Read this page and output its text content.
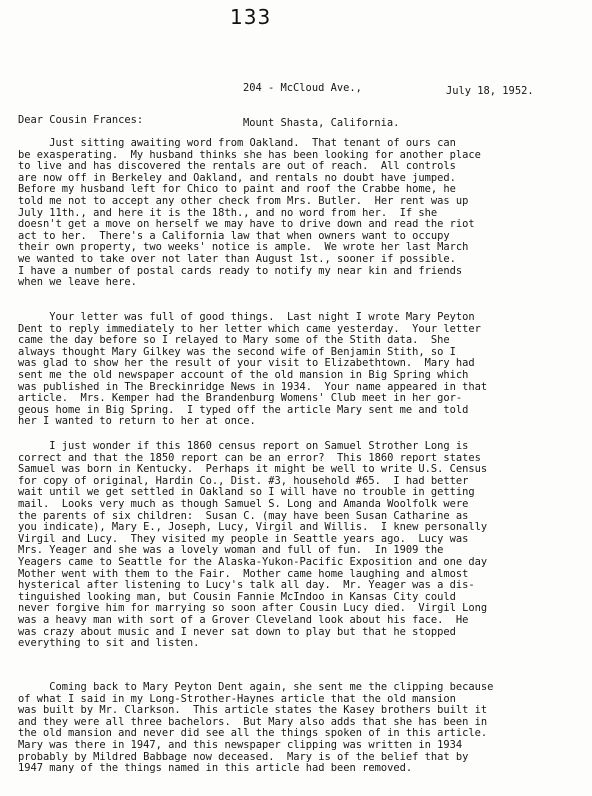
133

204 - McCloud Ave.,

Mount Shasta, California.

July 18, 1952.
Dear Cousin Frances:
Just sitting awaiting word from Oakland.  That tenant of ours can
be exasperating.  My husband thinks she has been looking for another place
to live and has discovered the rentals are out of reach.  All controls
are now off in Berkeley and Oakland, and rentals no doubt have jumped.
Before my husband left for Chico to paint and roof the Crabbe home, he
told me not to accept any other check from Mrs. Butler.  Her rent was up
July 11th., and here it is the 18th., and no word from her.  If she
doesn't get a move on herself we may have to drive down and read the riot
act to her.  There's a California law that when owners want to occupy
their own property, two weeks' notice is ample.  We wrote her last March
we wanted to take over not later than August 1st., sooner if possible.
I have a number of postal cards ready to notify my near kin and friends
when we leave here.
Your letter was full of good things.  Last night I wrote Mary Peyton
Dent to reply immediately to her letter which came yesterday.  Your letter
came the day before so I relayed to Mary some of the Stith data.  She
always thought Mary Gilkey was the second wife of Benjamin Stith, so I
was glad to show her the result of your visit to Elizabethtown.  Mary had
sent me the old newspaper account of the old mansion in Big Spring which
was published in The Breckinridge News in 1934.  Your name appeared in that
article.  Mrs. Kemper had the Brandenburg Womens' Club meet in her gor-
geous home in Big Spring.  I typed off the article Mary sent me and told
her I wanted to return to her at once.
I just wonder if this 1860 census report on Samuel Strother Long is
correct and that the 1850 report can be an error?  This 1860 report states
Samuel was born in Kentucky.  Perhaps it might be well to write U.S. Census
for copy of original, Hardin Co., Dist. #3, household #65.  I had better
wait until we get settled in Oakland so I will have no trouble in getting
mail.  Looks very much as though Samuel S. Long and Amanda Woolfolk were
the parents of six children:  Susan C. (may have been Susan Catharine as
you indicate), Mary E., Joseph, Lucy, Virgil and Willis.  I knew personally
Virgil and Lucy.  They visited my people in Seattle years ago.  Lucy was
Mrs. Yeager and she was a lovely woman and full of fun.  In 1909 the
Yeagers came to Seattle for the Alaska-Yukon-Pacific Exposition and one day
Mother went with them to the Fair.  Mother came home laughing and almost
hysterical after listening to Lucy's talk all day.  Mr. Yeager was a dis-
tinguished looking man, but Cousin Fannie McIndoo in Kansas City could
never forgive him for marrying so soon after Cousin Lucy died.  Virgil Long
was a heavy man with sort of a Grover Cleveland look about his face.  He
was crazy about music and I never sat down to play but that he stopped
everything to sit and listen.
Coming back to Mary Peyton Dent again, she sent me the clipping because
of what I said in my Long-Strother-Haynes article that the old mansion
was built by Mr. Clarkson.  This article states the Kasey brothers built it
and they were all three bachelors.  But Mary also adds that she has been in
the old mansion and never did see all the things spoken of in this article.
Mary was there in 1947, and this newspaper clipping was written in 1934
probably by Mildred Babbage now deceased.  Mary is of the belief that by
1947 many of the things named in this article had been removed.
